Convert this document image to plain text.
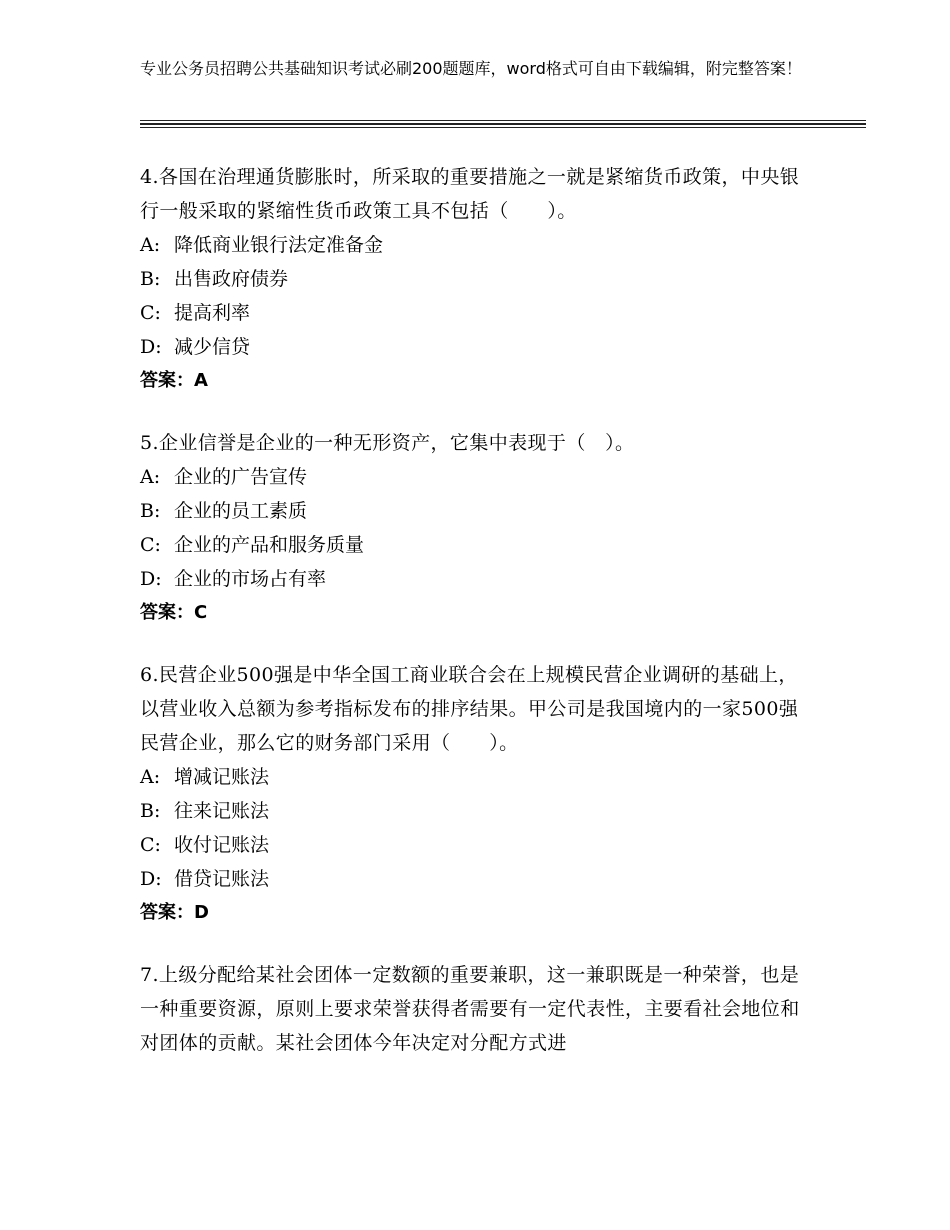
专业公务员招聘公共基础知识考试必刷200题题库，word格式可自由下载编辑，附完整答案！

4.各国在治理通货膨胀时，所采取的重要措施之一就是紧缩货币政策，中央银行一般采取的紧缩性货币政策工具不包括（　　）。

A: 降低商业银行法定准备金

B: 出售政府债券

C: 提高利率

D: 减少信贷

答案：A

5.企业信誉是企业的一种无形资产，它集中表现于（　）。

A: 企业的广告宣传

B: 企业的员工素质

C: 企业的产品和服务质量

D: 企业的市场占有率

答案：C

6.民营企业500强是中华全国工商业联合会在上规模民营企业调研的基础上，以营业收入总额为参考指标发布的排序结果。甲公司是我国境内的一家500强民营企业，那么它的财务部门采用（　　）。

A: 增减记账法

B: 往来记账法

C: 收付记账法

D: 借贷记账法

答案：D

7.上级分配给某社会团体一定数额的重要兼职，这一兼职既是一种荣誉，也是一种重要资源，原则上要求荣誉获得者需要有一定代表性，主要看社会地位和对团体的贡献。某社会团体今年决定对分配方式进
